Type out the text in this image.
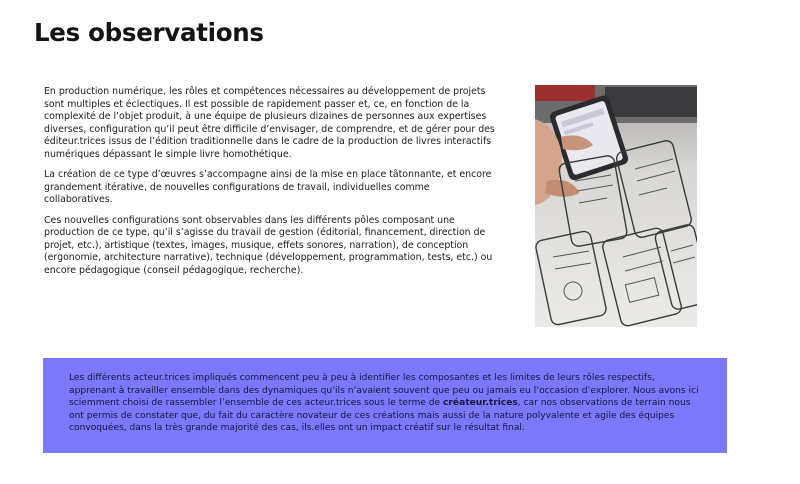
Les observations

En production numérique, les rôles et compétences nécessaires au développement de projets sont multiples et éclectiques. Il est possible de rapidement passer et, ce, en fonction de la complexité de l’objet produit, à une équipe de plusieurs dizaines de personnes aux expertises diverses, configuration qu’il peut être difficile d’envisager, de comprendre, et de gérer pour des éditeur.trices issus de l’édition traditionnelle dans le cadre de la production de livres interactifs numériques dépassant le simple livre homothétique.

La création de ce type d’œuvres s’accompagne ainsi de la mise en place tâtonnante, et encore grandement itérative, de nouvelles configurations de travail, individuelles comme collaboratives.

Ces nouvelles configurations sont observables dans les différents pôles composant une production de ce type, qu’il s’agisse du travail de gestion (éditorial, financement, direction de projet, etc.), artistique (textes, images, musique, effets sonores, narration), de conception (ergonomie, architecture narrative), technique (développement, programmation, tests, etc.) ou encore pédagogique (conseil pédagogique, recherche).

Les différents acteur.trices impliqués commencent peu à peu à identifier les composantes et les limites de leurs rôles respectifs, apprenant à travailler ensemble dans des dynamiques qu’ils n’avaient souvent que peu ou jamais eu l’occasion d’explorer. Nous avons ici sciemment choisi de rassembler l’ensemble de ces acteur.trices sous le terme de créateur.trices, car nos observations de terrain nous ont permis de constater que, du fait du caractère novateur de ces créations mais aussi de la nature polyvalente et agile des équipes convoquées, dans la très grande majorité des cas, ils.elles ont un impact créatif sur le résultat final.
